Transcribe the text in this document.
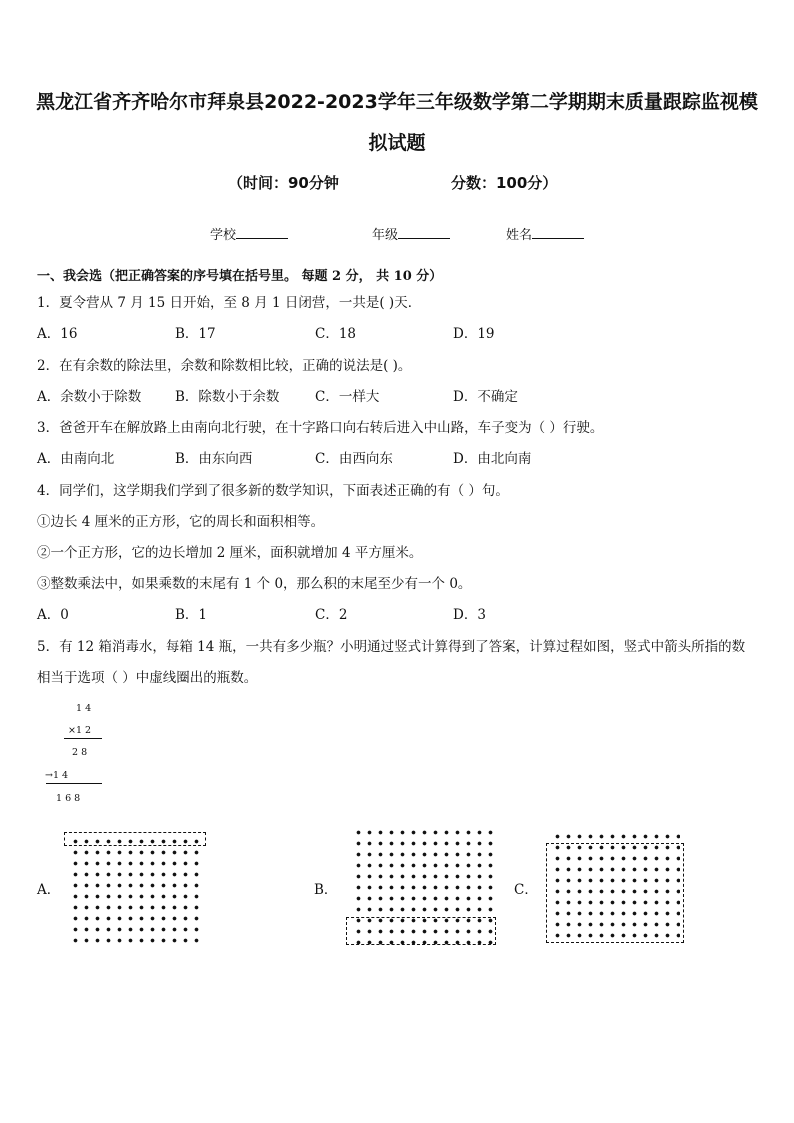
黑龙江省齐齐哈尔市拜泉县2022-2023学年三年级数学第二学期期末质量跟踪监视模
拟试题
（时间：90分钟	分数：100分）
学校	年级	姓名
一、我会选（把正确答案的序号填在括号里。 每题 2 分， 共 10 分）
1．夏令营从 7 月 15 日开始，至 8 月 1 日闭营，一共是( )天．
A．16	B．17	C．18	D．19
2．在有余数的除法里，余数和除数相比较，正确的说法是( )。
A．余数小于除数	B．除数小于余数	C．一样大	D．不确定
3．爸爸开车在解放路上由南向北行驶，在十字路口向右转后进入中山路，车子变为（ ）行驶。
A．由南向北	B．由东向西	C．由西向东	D．由北向南
4．同学们，这学期我们学到了很多新的数学知识，下面表述正确的有（ ）句。
①边长 4 厘米的正方形，它的周长和面积相等。
②一个正方形，它的边长增加 2 厘米，面积就增加 4 平方厘米。
③整数乘法中，如果乘数的末尾有 1 个 0，那么积的末尾至少有一个 0。
A．0	B．1	C．2	D．3
5．有 12 箱消毒水，每箱 14 瓶，一共有多少瓶？小明通过竖式计算得到了答案，计算过程如图，竖式中箭头所指的数
相当于选项（ ）中虚线圈出的瓶数。
1 4
×1 2
2 8
→1 4
1 6 8
A．	B．	C．
